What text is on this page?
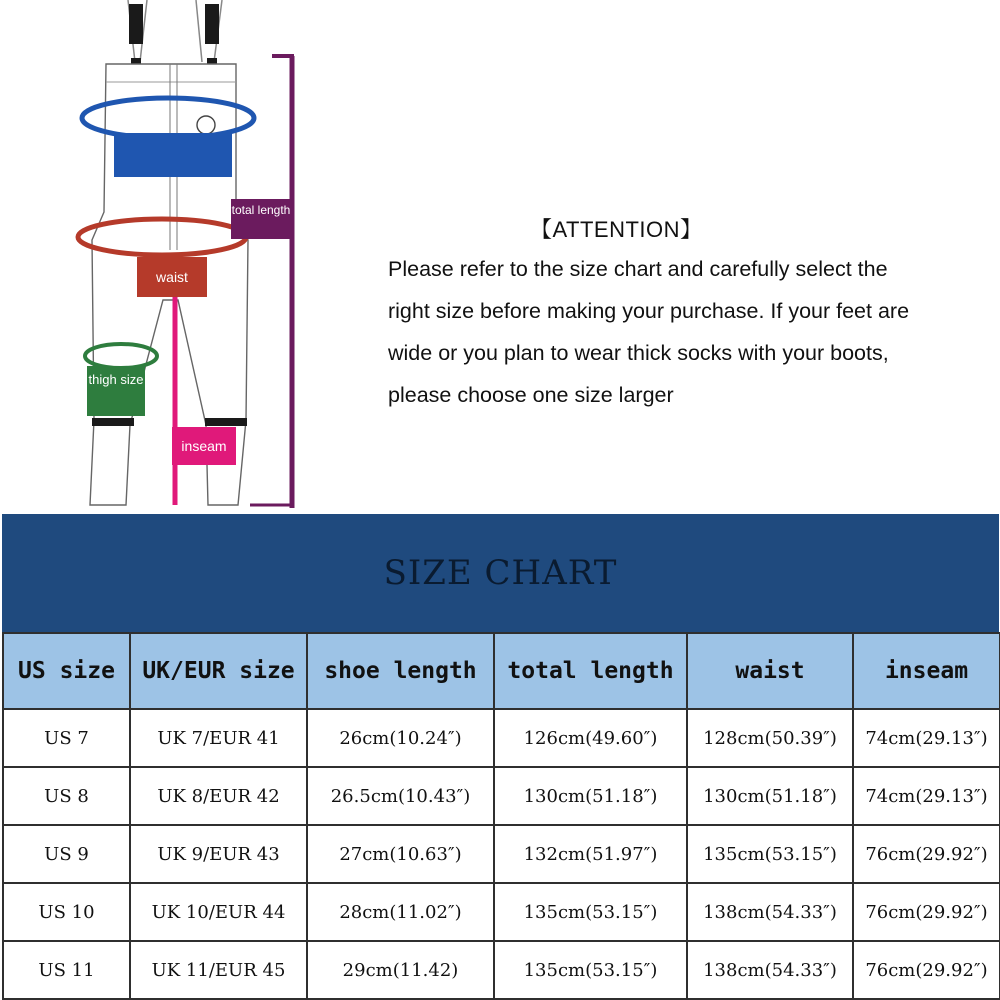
total length
waist
thigh size
inseam
【ATTENTION】
Please refer to the size chart and carefully select the
right size before making your purchase. If your feet are
wide or you plan to wear thick socks with your boots,
please choose one size larger
SIZE CHART
US size	UK/EUR size	shoe length	total length	waist	inseam
US 7	UK 7/EUR 41	26cm(10.24″)	126cm(49.60″)	128cm(50.39″)	74cm(29.13″)
US 8	UK 8/EUR 42	26.5cm(10.43″)	130cm(51.18″)	130cm(51.18″)	74cm(29.13″)
US 9	UK 9/EUR 43	27cm(10.63″)	132cm(51.97″)	135cm(53.15″)	76cm(29.92″)
US 10	UK 10/EUR 44	28cm(11.02″)	135cm(53.15″)	138cm(54.33″)	76cm(29.92″)
US 11	UK 11/EUR 45	29cm(11.42)	135cm(53.15″)	138cm(54.33″)	76cm(29.92″)
